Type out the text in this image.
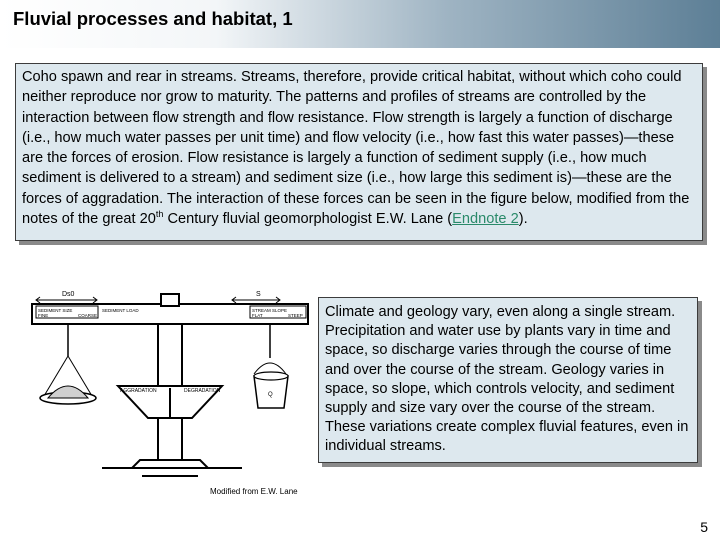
Fluvial processes and habitat, 1
Coho spawn and rear in streams. Streams, therefore, provide critical habitat, without which coho could neither reproduce nor grow to maturity. The patterns and profiles of streams are controlled by the interaction between flow strength and flow resistance. Flow strength is largely a function of discharge (i.e., how much water passes per unit time) and flow velocity (i.e., how fast this water passes)—these are the forces of erosion. Flow resistance is largely a function of sediment supply (i.e., how much sediment is delivered to a stream) and sediment size (i.e., how large this sediment is)—these are the forces of aggradation. The interaction of these forces can be seen in the figure below, modified from the notes of the great 20th Century fluvial geomorphologist E.W. Lane (Endnote 2).
Ds0	S
SEDIMENT SIZE
FINE	COARSE
SEDIMENT LOAD	STREAM SLOPE
FLAT	STEEP
AGGRADATION	DEGRADATION
Q
Climate and geology vary, even along a single stream. Precipitation and water use by plants vary in time and space, so discharge varies through the course of time and over the course of the stream. Geology varies in space, so slope, which controls velocity, and sediment supply and size vary over the course of the stream. These variations create complex fluvial features, even in individual streams.
Modified from E.W. Lane
5
